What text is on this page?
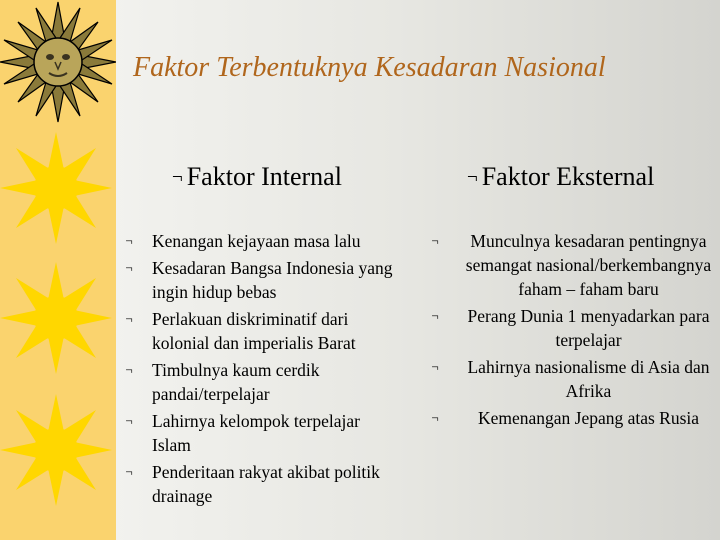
Faktor Terbentuknya Kesadaran Nasional
¬ Faktor Internal	¬ Faktor Eksternal
¬ Kenangan kejayaan masa lalu
¬ Kesadaran Bangsa Indonesia yang ingin hidup bebas
¬ Perlakuan diskriminatif dari kolonial dan imperialis Barat
¬ Timbulnya kaum cerdik pandai/terpelajar
¬ Lahirnya kelompok terpelajar Islam
¬ Penderitaan rakyat akibat politik drainage
¬	Munculnya kesadaran pentingnya semangat nasional/berkembangnya faham – faham baru
¬	Perang Dunia 1 menyadarkan para terpelajar
¬	Lahirnya nasionalisme di Asia dan Afrika
¬	Kemenangan Jepang atas Rusia
